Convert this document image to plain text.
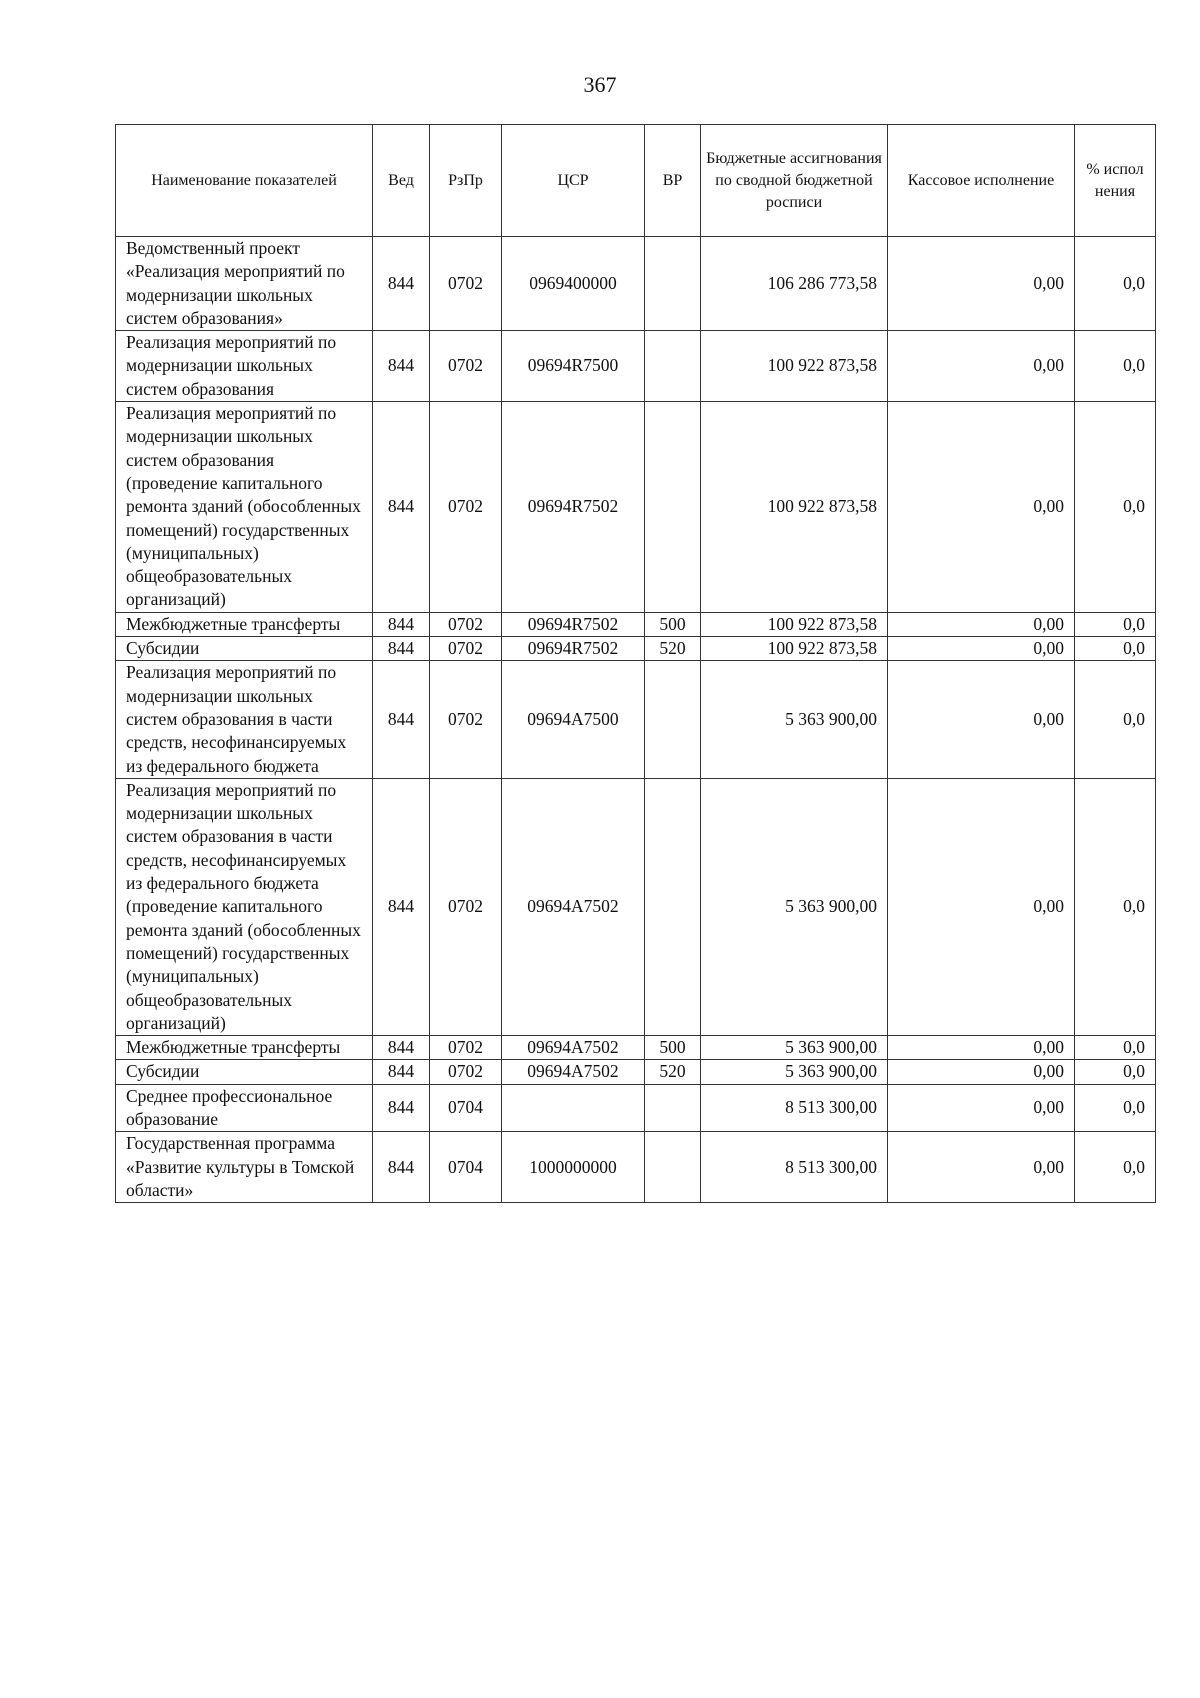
367
Наименование показателей	Вед	РзПр	ЦСР	ВР	Бюджетные ассигнования по сводной бюджетной росписи	Кассовое исполнение	% испол нения
Ведомственный проект «Реализация мероприятий по модернизации школьных систем образования»	844	0702	0969400000		106 286 773,58	0,00	0,0
Реализация мероприятий по модернизации школьных систем образования	844	0702	09694R7500		100 922 873,58	0,00	0,0
Реализация мероприятий по модернизации школьных систем образования (проведение капитального ремонта зданий (обособленных помещений) государственных (муниципальных) общеобразовательных организаций)	844	0702	09694R7502		100 922 873,58	0,00	0,0
Межбюджетные трансферты	844	0702	09694R7502	500	100 922 873,58	0,00	0,0
Субсидии	844	0702	09694R7502	520	100 922 873,58	0,00	0,0
Реализация мероприятий по модернизации школьных систем образования в части средств, несофинансируемых из федерального бюджета	844	0702	09694A7500		5 363 900,00	0,00	0,0
Реализация мероприятий по модернизации школьных систем образования в части средств, несофинансируемых из федерального бюджета (проведение капитального ремонта зданий (обособленных помещений) государственных (муниципальных) общеобразовательных организаций)	844	0702	09694A7502		5 363 900,00	0,00	0,0
Межбюджетные трансферты	844	0702	09694A7502	500	5 363 900,00	0,00	0,0
Субсидии	844	0702	09694A7502	520	5 363 900,00	0,00	0,0
Среднее профессиональное образование	844	0704			8 513 300,00	0,00	0,0
Государственная программа «Развитие культуры в Томской области»	844	0704	1000000000		8 513 300,00	0,00	0,0
